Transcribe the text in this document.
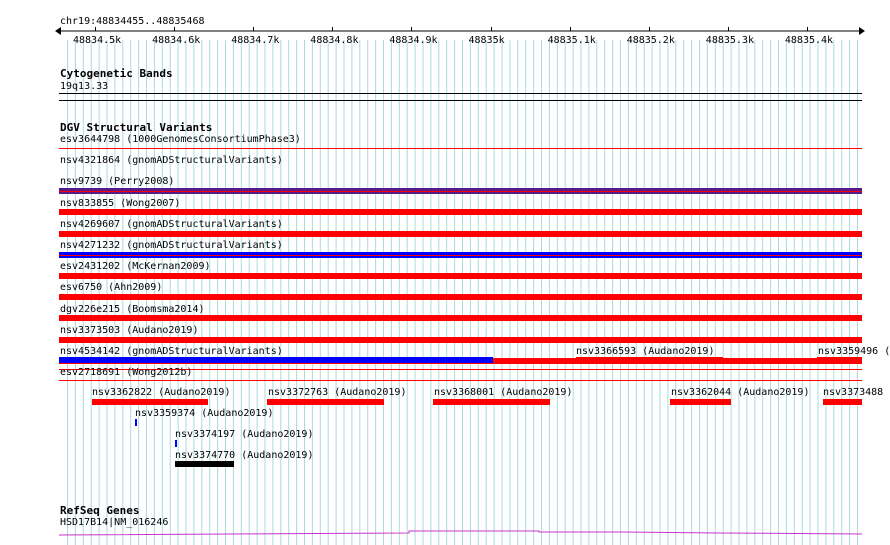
chr19:48834455..48835468
48834.5k	48834.6k	48834.7k	48834.8k	48834.9k	48835k	48835.1k	48835.2k	48835.3k	48835.4k
Cytogenetic Bands
19q13.33
DGV Structural Variants
esv3644798 (1000GenomesConsortiumPhase3)
nsv4321864 (gnomADStructuralVariants)
nsv9739 (Perry2008)
nsv833855 (Wong2007)
nsv4269607 (gnomADStructuralVariants)
nsv4271232 (gnomADStructuralVariants)
esv2431202 (McKernan2009)
esv6750 (Ahn2009)
dgv226e215 (Boomsma2014)
nsv3373503 (Audano2019)
nsv4534142 (gnomADStructuralVariants)	nsv3366593 (Audano2019)	nsv3359496 (
esv2718691 (Wong2012b)
nsv3362822 (Audano2019)	nsv3372763 (Audano2019)	nsv3368001 (Audano2019)	nsv3362044 (Audano2019) nsv3373488
nsv3359374 (Audano2019)
nsv3374197 (Audano2019)
nsv3374770 (Audano2019)
RefSeq Genes
HSD17B14|NM_016246
